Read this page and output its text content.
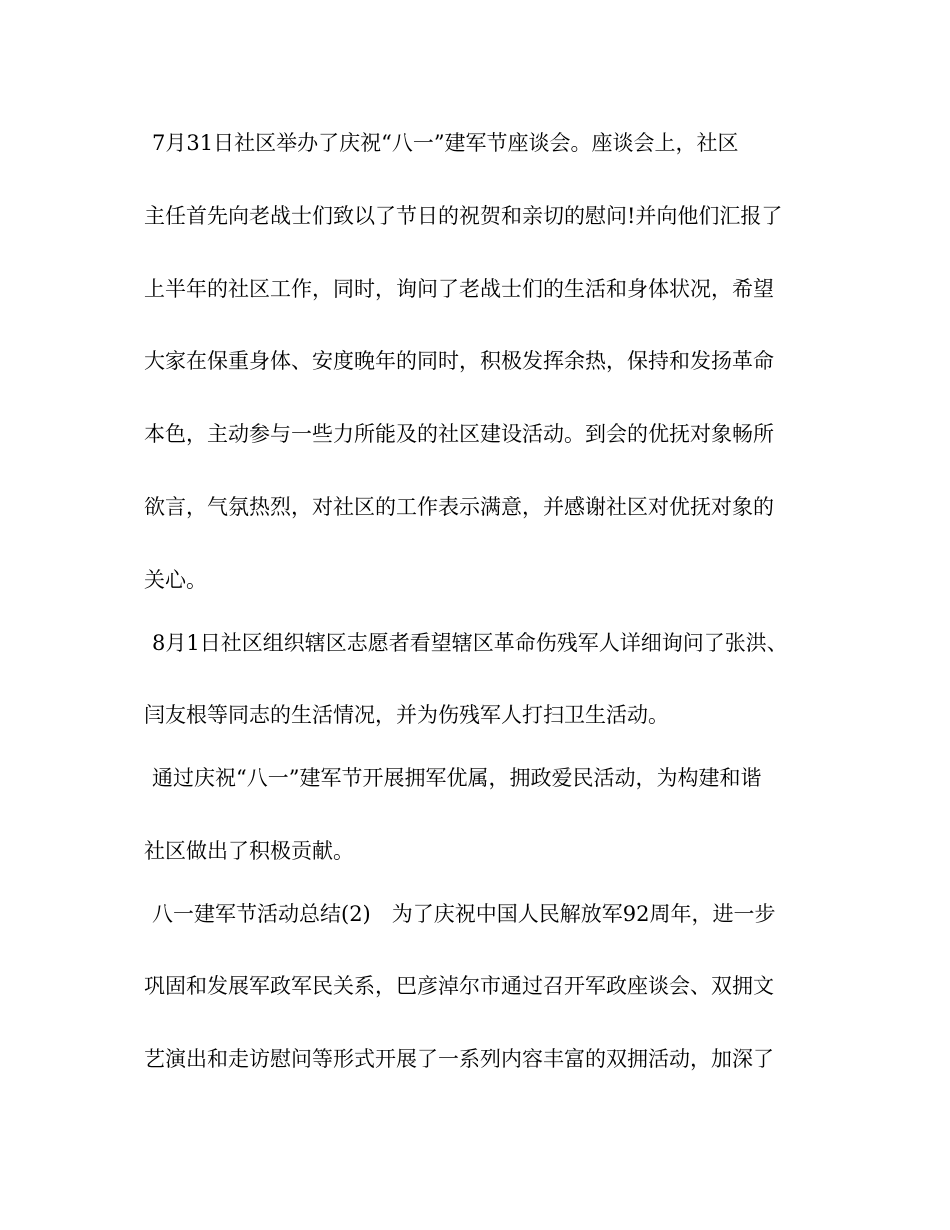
7月31日社区举办了庆祝“八一”建军节座谈会。座谈会上，社区
主任首先向老战士们致以了节日的祝贺和亲切的慰问!并向他们汇报了
上半年的社区工作，同时，询问了老战士们的生活和身体状况，希望
大家在保重身体、安度晚年的同时，积极发挥余热，保持和发扬革命
本色，主动参与一些力所能及的社区建设活动。到会的优抚对象畅所
欲言，气氛热烈，对社区的工作表示满意，并感谢社区对优抚对象的
关心。
8月1日社区组织辖区志愿者看望辖区革命伤残军人详细询问了张洪、
闫友根等同志的生活情况，并为伤残军人打扫卫生活动。
通过庆祝“八一”建军节开展拥军优属，拥政爱民活动，为构建和谐
社区做出了积极贡献。
八一建军节活动总结(2)　为了庆祝中国人民解放军92周年，进一步
巩固和发展军政军民关系，巴彦淖尔市通过召开军政座谈会、双拥文
艺演出和走访慰问等形式开展了一系列内容丰富的双拥活动，加深了
